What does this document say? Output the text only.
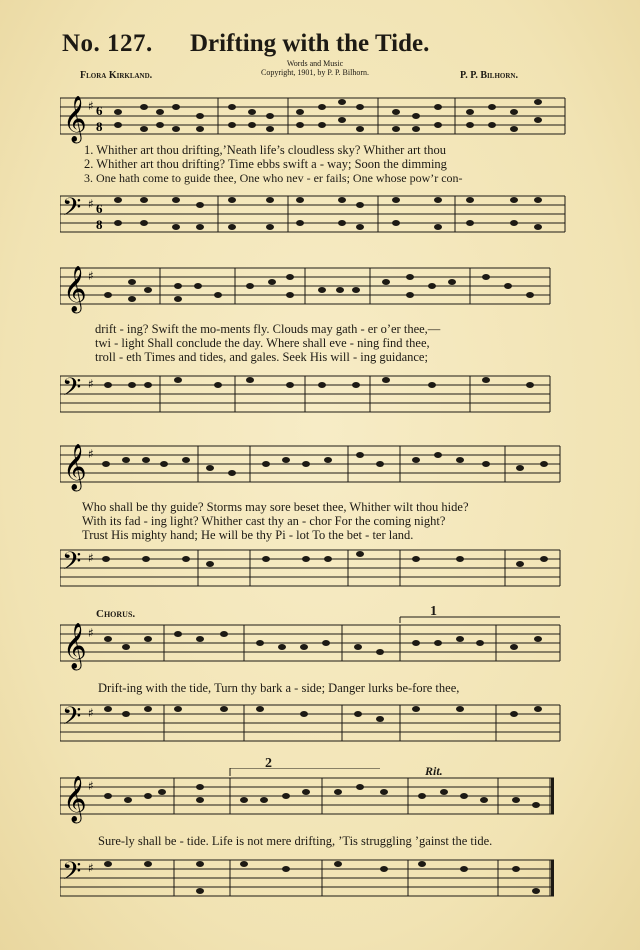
No. 127. Drifting with the Tide.
Words and Music
Copyright, 1901, by P. P. Bilhorn.
Flora Kirkland.	P. P. Bilhorn.
𝄞 ♯ 6
8
1. Whither art thou drifting,’Neath life’s cloudless sky? Whither art thou
2. Whither art thou drifting? Time ebbs swift a - way; Soon the dimming
3. One hath come to guide thee, One who nev - er fails; One whose pow’r con-
𝄢 ♯ 6
8
𝄞 ♯
drift - ing? Swift the mo-ments fly. Clouds may gath - er o’er thee,—
twi - light Shall conclude the day. Where shall eve - ning find thee,
troll - eth Times and tides, and gales. Seek His will - ing guidance;
𝄢 ♯
𝄞 ♯
Who shall be thy guide? Storms may sore beset thee, Whither wilt thou hide?
With its fad - ing light? Whither cast thy an - chor For the coming night?
Trust His mighty hand; He will be thy Pi - lot To the bet - ter land.
𝄢 ♯
Chorus.	1
𝄞 ♯
Drift-ing with the tide, Turn thy bark a - side; Danger lurks be-fore thee,
𝄢 ♯
2	Rit.
𝄞 ♯
Sure-ly shall be - tide. Life is not mere drifting, ’Tis struggling ’gainst the tide.
𝄢 ♯
